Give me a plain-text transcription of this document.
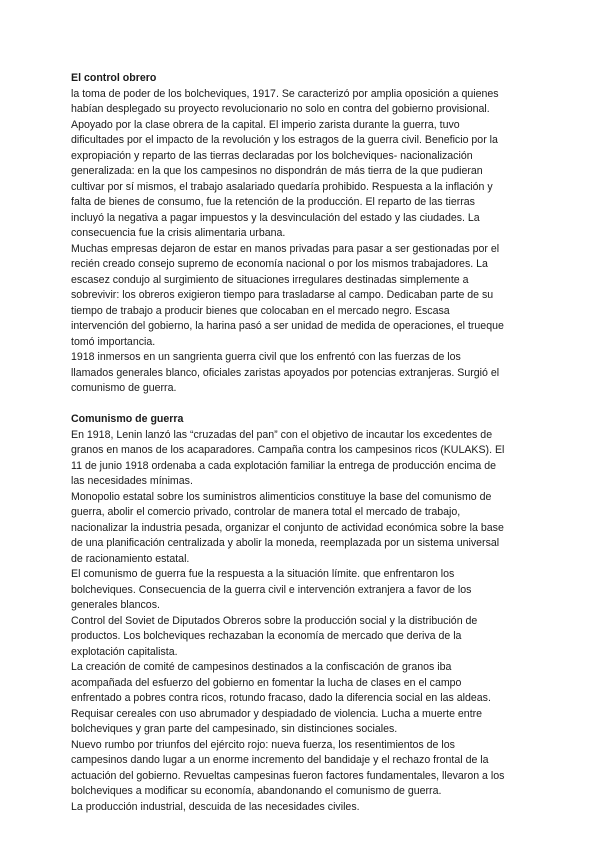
El control obrero
la toma de poder de los bolcheviques, 1917. Se caracterizó por amplia oposición a quienes
habían desplegado su proyecto revolucionario no solo en contra del gobierno provisional.
Apoyado por la clase obrera de la capital. El imperio zarista durante la guerra, tuvo
dificultades por el impacto de la revolución y los estragos de la guerra civil. Beneficio por la
expropiación y reparto de las tierras declaradas por los bolcheviques- nacionalización
generalizada: en la que los campesinos no dispondrán de más tierra de la que pudieran
cultivar por sí mismos, el trabajo asalariado quedaría prohibido. Respuesta a la inflación y
falta de bienes de consumo, fue la retención de la producción. El reparto de las tierras
incluyó la negativa a pagar impuestos y la desvinculación del estado y las ciudades. La
consecuencia fue la crisis alimentaria urbana.
Muchas empresas dejaron de estar en manos privadas para pasar a ser gestionadas por el
recién creado consejo supremo de economía nacional o por los mismos trabajadores. La
escasez condujo al surgimiento de situaciones irregulares destinadas simplemente a
sobrevivir: los obreros exigieron tiempo para trasladarse al campo. Dedicaban parte de su
tiempo de trabajo a producir bienes que colocaban en el mercado negro. Escasa
intervención del gobierno, la harina pasó a ser unidad de medida de operaciones, el trueque
tomó importancia.
1918 inmersos en un sangrienta guerra civil que los enfrentó con las fuerzas de los
llamados generales blanco, oficiales zaristas apoyados por potencias extranjeras. Surgió el
comunismo de guerra.
Comunismo de guerra
En 1918, Lenin lanzó las “cruzadas del pan” con el objetivo de incautar los excedentes de
granos en manos de los acaparadores. Campaña contra los campesinos ricos (KULAKS). El
11 de junio 1918 ordenaba a cada explotación familiar la entrega de producción encima de
las necesidades mínimas.
Monopolio estatal sobre los suministros alimenticios constituye la base del comunismo de
guerra, abolir el comercio privado, controlar de manera total el mercado de trabajo,
nacionalizar la industria pesada, organizar el conjunto de actividad económica sobre la base
de una planificación centralizada y abolir la moneda, reemplazada por un sistema universal
de racionamiento estatal.
El comunismo de guerra fue la respuesta a la situación límite. que enfrentaron los
bolcheviques. Consecuencia de la guerra civil e intervención extranjera a favor de los
generales blancos.
Control del Soviet de Diputados Obreros sobre la producción social y la distribución de
productos. Los bolcheviques rechazaban la economía de mercado que deriva de la
explotación capitalista.
La creación de comité de campesinos destinados a la confiscación de granos iba
acompañada del esfuerzo del gobierno en fomentar la lucha de clases en el campo
enfrentado a pobres contra ricos, rotundo fracaso, dado la diferencia social en las aldeas.
Requisar cereales con uso abrumador y despiadado de violencia. Lucha a muerte entre
bolcheviques y gran parte del campesinado, sin distinciones sociales.
Nuevo rumbo por triunfos del ejército rojo: nueva fuerza, los resentimientos de los
campesinos dando lugar a un enorme incremento del bandidaje y el rechazo frontal de la
actuación del gobierno. Revueltas campesinas fueron factores fundamentales, llevaron a los
bolcheviques a modificar su economía, abandonando el comunismo de guerra.
La producción industrial, descuida de las necesidades civiles.
